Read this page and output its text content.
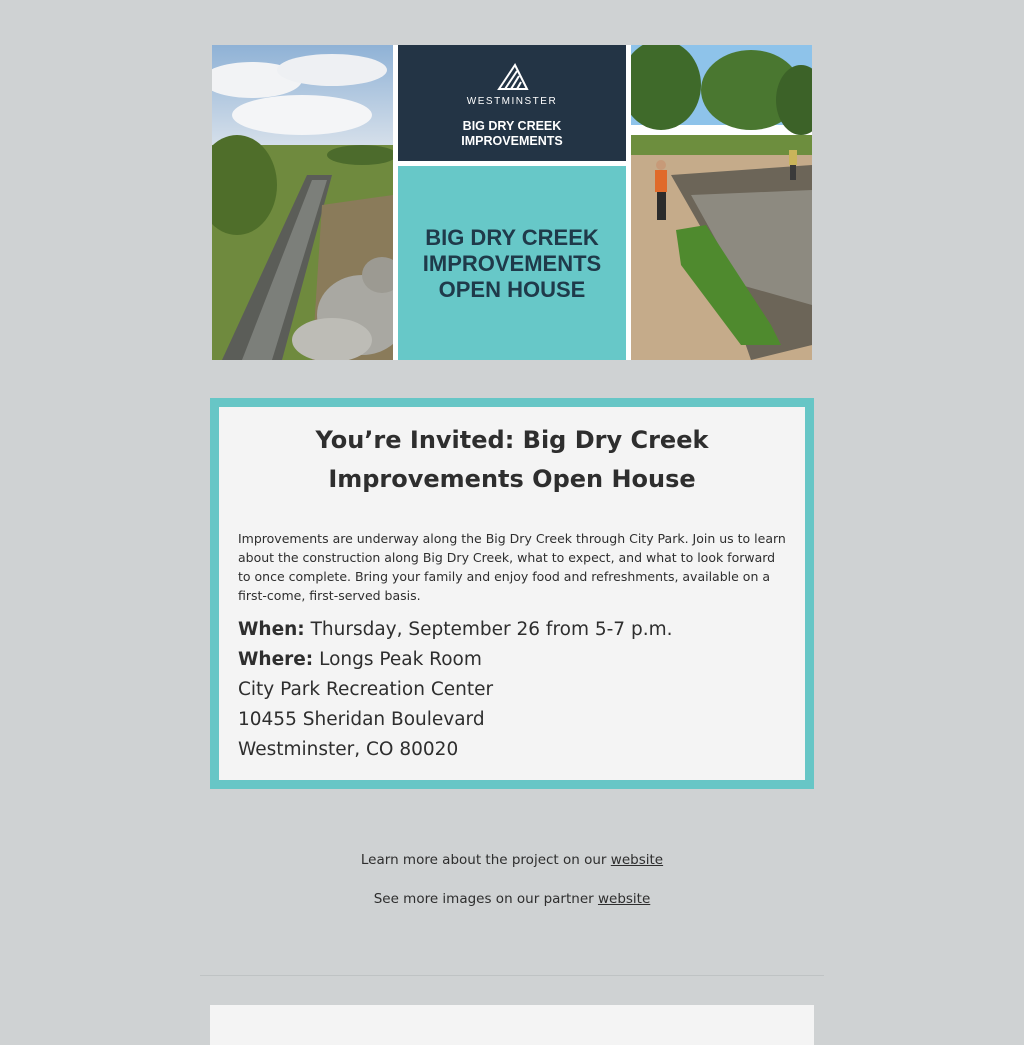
WESTMINSTER
BIG DRY CREEK
IMPROVEMENTS
BIG DRY CREEK
IMPROVEMENTS
OPEN HOUSE
You’re Invited: Big Dry Creek Improvements Open House

Improvements are underway along the Big Dry Creek through City Park. Join us to learn about the construction along Big Dry Creek, what to expect, and what to look forward to once complete. Bring your family and enjoy food and refreshments, available on a first-come, first-served basis.

When: Thursday, September 26 from 5-7 p.m.
Where: Longs Peak Room
City Park Recreation Center
10455 Sheridan Boulevard
Westminster, CO 80020
Learn more about the project on our website
See more images on our partner website
